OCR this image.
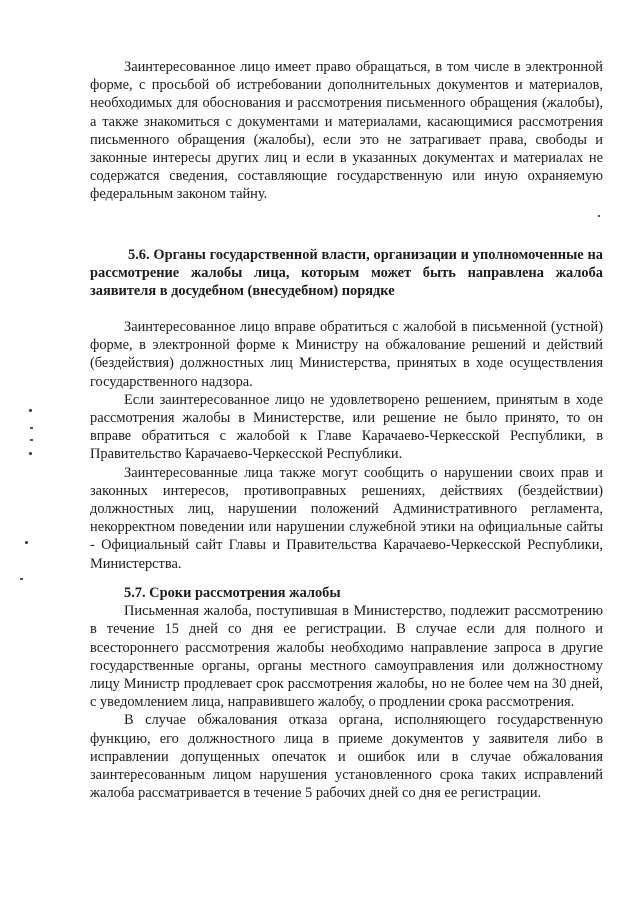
Заинтересованное лицо имеет право обращаться, в том числе в электронной форме, с просьбой об истребовании дополнительных документов и материалов, необходимых для обоснования и рассмотрения письменного обращения (жалобы), а также знакомиться с документами и материалами, касающимися рассмотрения письменного обращения (жалобы), если это не затрагивает права, свободы и законные интересы других лиц и если в указанных документах и материалах не содержатся сведения, составляющие государственную или иную охраняемую федеральным законом тайну.

5.6. Органы государственной власти, организации и уполномоченные на рассмотрение жалобы лица, которым может быть направлена жалоба заявителя в досудебном (внесудебном) порядке

Заинтересованное лицо вправе обратиться с жалобой в письменной (устной) форме, в электронной форме к Министру на обжалование решений и действий (бездействия) должностных лиц Министерства, принятых в ходе осуществления государственного надзора.

Если заинтересованное лицо не удовлетворено решением, принятым в ходе рассмотрения жалобы в Министерстве, или решение не было принято, то он вправе обратиться с жалобой к Главе Карачаево-Черкесской Республики, в Правительство Карачаево-Черкесской Республики.

Заинтересованные лица также могут сообщить о нарушении своих прав и законных интересов, противоправных решениях, действиях (бездействии) должностных лиц, нарушении положений Административного регламента, некорректном поведении или нарушении служебной этики на официальные сайты - Официальный сайт Главы и Правительства Карачаево-Черкесской Республики, Министерства.

5.7. Сроки рассмотрения жалобы

Письменная жалоба, поступившая в Министерство, подлежит рассмотрению в течение 15 дней со дня ее регистрации. В случае если для полного и всестороннего рассмотрения жалобы необходимо направление запроса в другие государственные органы, органы местного самоуправления или должностному лицу Министр продлевает срок рассмотрения жалобы, но не более чем на 30 дней, с уведомлением лица, направившего жалобу, о продлении срока рассмотрения.

В случае обжалования отказа органа, исполняющего государственную функцию, его должностного лица в приеме документов у заявителя либо в исправлении допущенных опечаток и ошибок или в случае обжалования заинтересованным лицом нарушения установленного срока таких исправлений жалоба рассматривается в течение 5 рабочих дней со дня ее регистрации.
